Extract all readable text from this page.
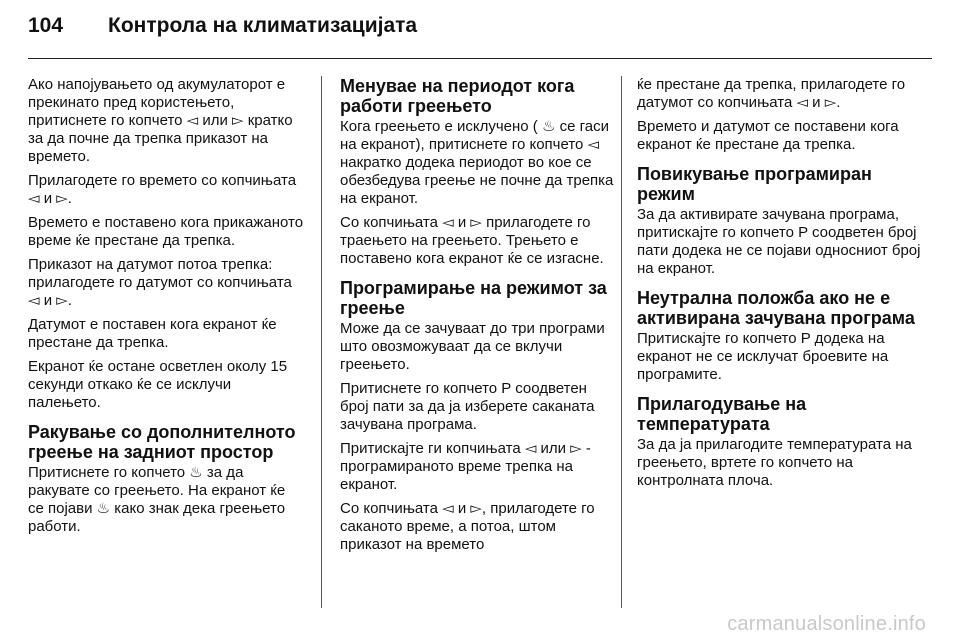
104	Контрола на климатизацијата

Ако напојувањето од акумулаторот е прекинато пред користењето, притиснете го копчето ◅ или ▻ кратко за да почне да трепка приказот на времето.

Прилагодете го времето со копчињата ◅ и ▻.

Времето е поставено кога прикажаното време ќе престане да трепка.

Приказот на датумот потоа трепка: прилагодете го датумот со копчињата ◅ и ▻.

Датумот е поставен кога екранот ќе престане да трепка.

Екранот ќе остане осветлен околу 15 секунди откако ќе се исклучи палењето.

Ракување со дополнителното греење на задниот простор

Притиснете го копчето ♨ за да ракувате со греењето. На екранот ќе се појави ♨ како знак дека греењето работи.

Менувае на периодот кога работи греењето

Кога греењето е исклучено ( ♨ се гаси на екранот), притиснете го копчето ◅ накратко додека периодот во кое се обезбедува греење не почне да трепка на екранот.

Со копчињата ◅ и ▻ прилагодете го траењето на греењето. Трењето е поставено кога екранот ќе се изгасне.

Програмирање на режимот за греење

Може да се зачуваат до три програми што овозможуваат да се вклучи греењето.

Притиснете го копчето P соодветен број пати за да ја изберете саканата зачувана програма.

Притискајте ги копчињата ◅ или ▻ - програмираното време трепка на екранот.

Со копчињата ◅ и ▻, прилагодете го саканото време, а потоа, штом приказот на времето

ќе престане да трепка, прилагодете го датумот со копчињата ◅ и ▻.

Времето и датумот се поставени кога екранот ќе престане да трепка.

Повикување програмиран режим

За да активирате зачувана програма, притискајте го копчето P соодветен број пати додека не се појави односниот број на екранот.

Неутрална положба ако не е активирана зачувана програма

Притискајте го копчето P додека на екранот не се исклучат броевите на програмите.

Прилагодување на температурата

За да ја прилагодите температурата на греењето, вртете го копчето на контролната плоча.

carmanualsonline.info
